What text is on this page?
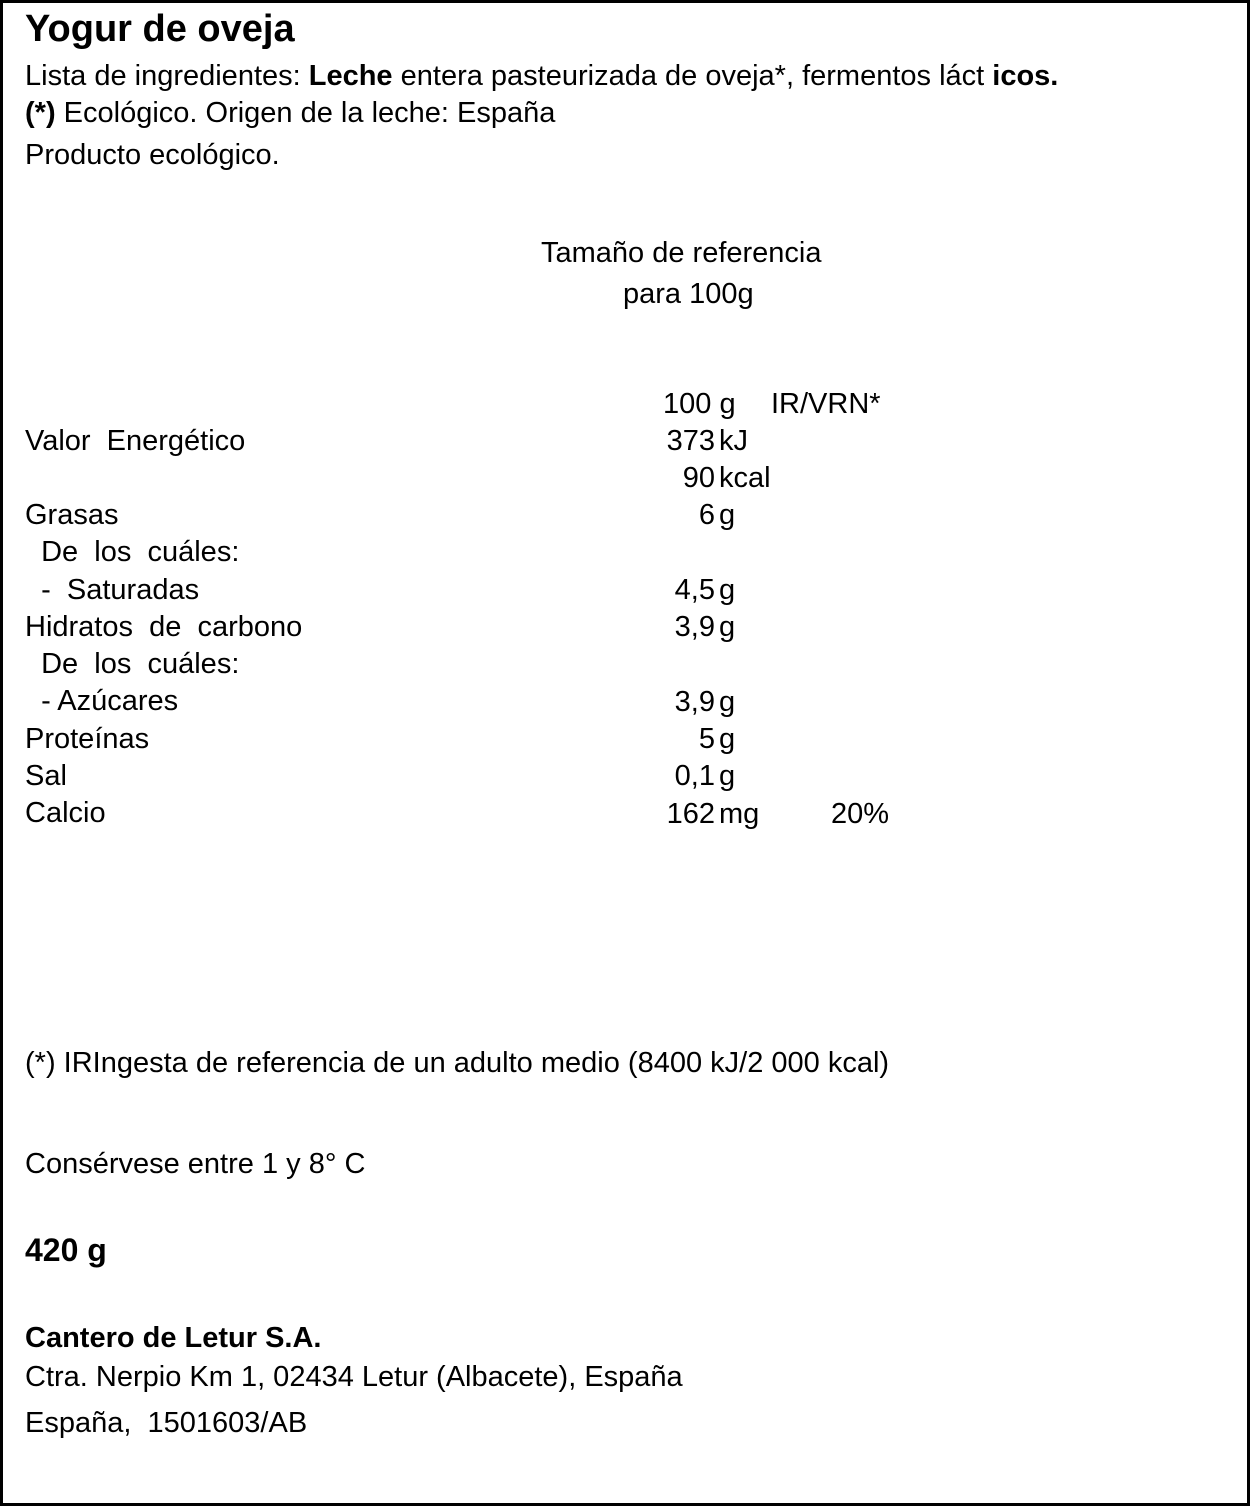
Yogur de oveja
Lista de ingredientes: Leche entera pasteurizada de oveja*, fermentos láct icos.
(*) Ecológico. Origen de la leche: España
Producto ecológico.
Tamaño de referencia
para 100g
100 g IR/VRN*
Valor  Energético	373 kJ
90 kcal
Grasas	6 g
De  los  cuáles:
-  Saturadas	4,5 g
Hidratos  de  carbono	3,9 g
De  los  cuáles:
- Azúcares	3,9 g
Proteínas	5 g
Sal	0,1 g
Calcio	162 mg 20%
(*) IRIngesta de referencia de un adulto medio (8400 kJ/2 000 kcal)
Consérvese entre 1 y 8° C
420 g
Cantero de Letur S.A.
Ctra. Nerpio Km 1, 02434 Letur (Albacete), España
España,  1501603/AB
